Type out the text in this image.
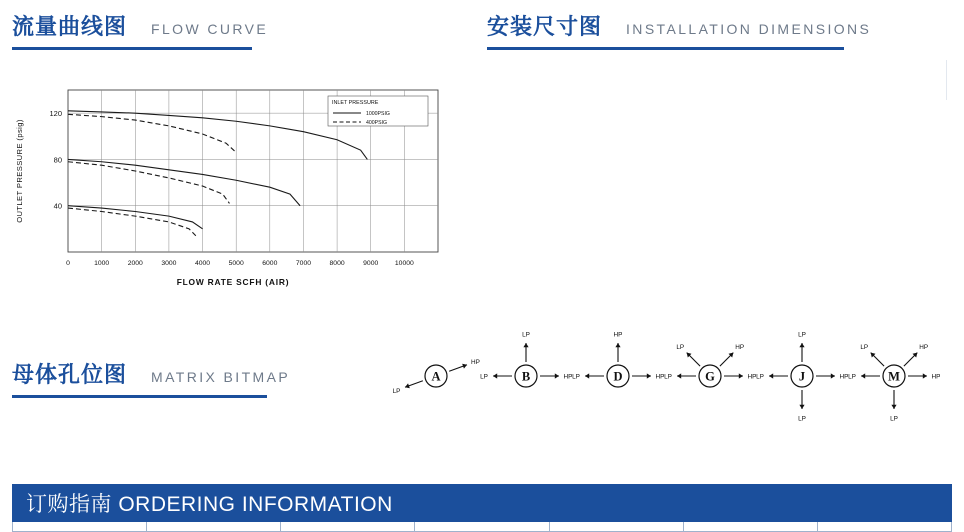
流量曲线图 FLOW CURVE	安装尺寸图 INSTALLATION DIMENSIONS
母体孔位图 MATRIX BITMAP
40
80
120
0	1000	2000	3000	4000	5000	6000	7000	8000	9000 10000
OUTLET PRESSURE (psig)
FLOW RATE SCFH (AIR)
INLET PRESSURE
1000PSIG
400PSIG
LP
HP
A
LP
LP	HP
B
HP
LP	HP
D
LP	HP
LP	HP
G
LP
LP	HP
LP
J
LP	HP
LP	HP
LP
M
订购指南 ORDERING INFORMATION
